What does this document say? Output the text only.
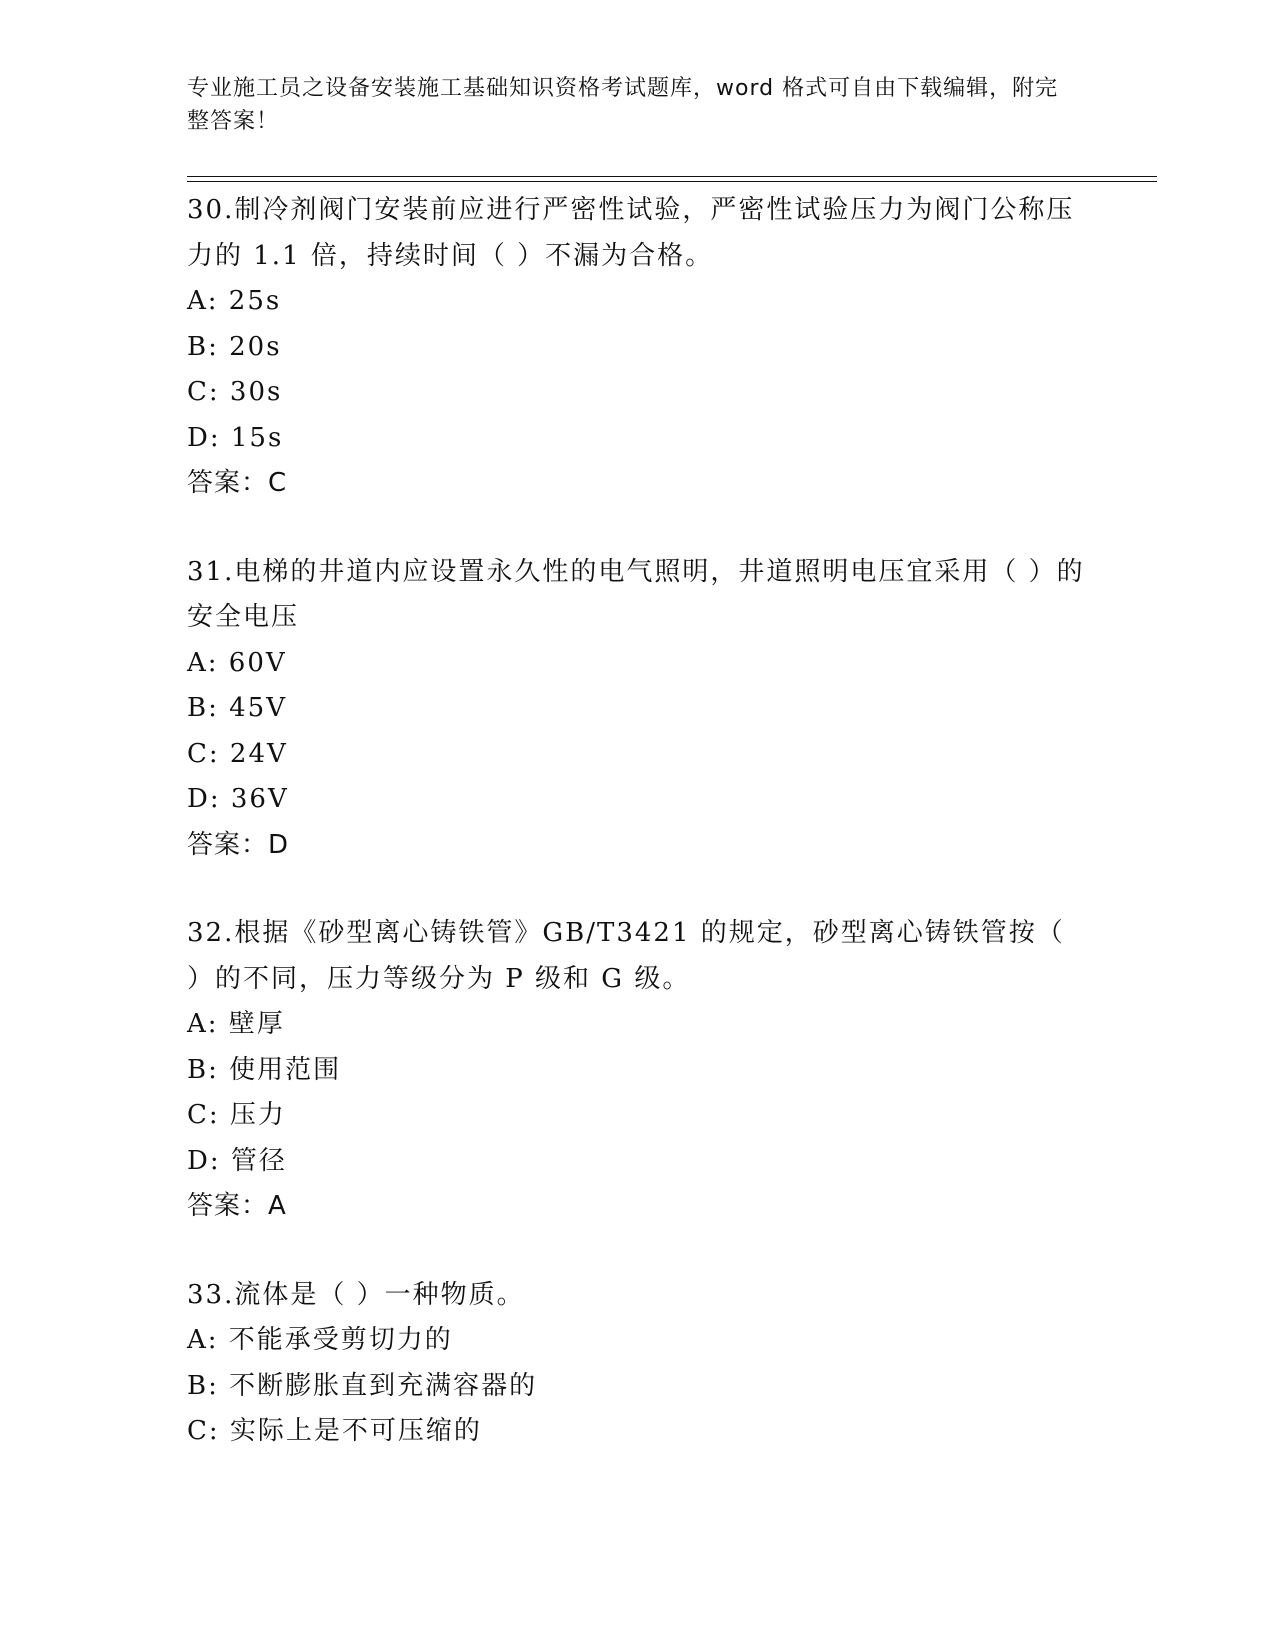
专业施工员之设备安装施工基础知识资格考试题库，word 格式可自由下载编辑，附完整答案！

30.制冷剂阀门安装前应进行严密性试验，严密性试验压力为阀门公称压力的 1.1 倍，持续时间（ ）不漏为合格。

A: 25s

B: 20s

C: 30s

D: 15s

答案：C

31.电梯的井道内应设置永久性的电气照明，井道照明电压宜采用（ ）的安全电压

A: 60V

B: 45V

C: 24V

D: 36V

答案：D

32.根据《砂型离心铸铁管》GB/T3421 的规定，砂型离心铸铁管按（ ）的不同，压力等级分为 P 级和 G 级。

A: 壁厚

B: 使用范围

C: 压力

D: 管径

答案：A

33.流体是（ ）一种物质。

A: 不能承受剪切力的

B: 不断膨胀直到充满容器的

C: 实际上是不可压缩的
